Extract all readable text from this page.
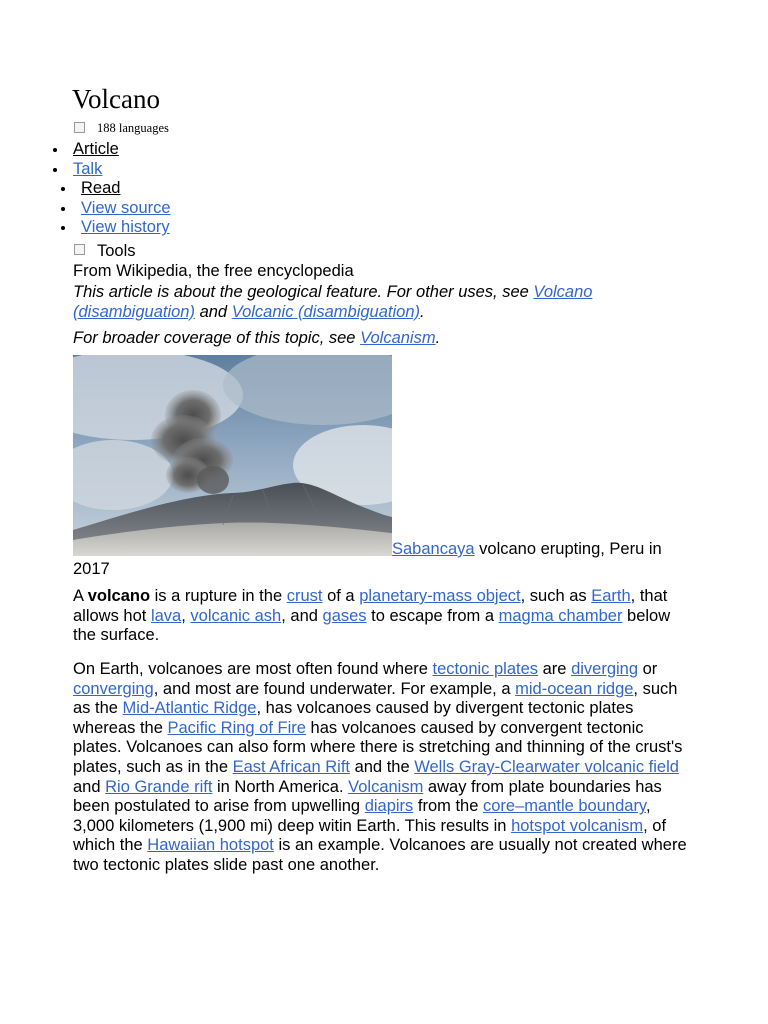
Volcano
188 languages
Article
Talk
Read
View source
View history
Tools
From Wikipedia, the free encyclopedia
This article is about the geological feature. For other uses, see Volcano (disambiguation) and Volcanic (disambiguation).
For broader coverage of this topic, see Volcanism.
Sabancaya volcano erupting, Peru in 2017

A volcano is a rupture in the crust of a planetary-mass object, such as Earth, that allows hot lava, volcanic ash, and gases to escape from a magma chamber below the surface.

On Earth, volcanoes are most often found where tectonic plates are diverging or converging, and most are found underwater. For example, a mid-ocean ridge, such as the Mid-Atlantic Ridge, has volcanoes caused by divergent tectonic plates whereas the Pacific Ring of Fire has volcanoes caused by convergent tectonic plates. Volcanoes can also form where there is stretching and thinning of the crust's plates, such as in the East African Rift and the Wells Gray-Clearwater volcanic field and Rio Grande rift in North America. Volcanism away from plate boundaries has been postulated to arise from upwelling diapirs from the core–mantle boundary, 3,000 kilometers (1,900 mi) deep witin Earth. This results in hotspot volcanism, of which the Hawaiian hotspot is an example. Volcanoes are usually not created where two tectonic plates slide past one another.
